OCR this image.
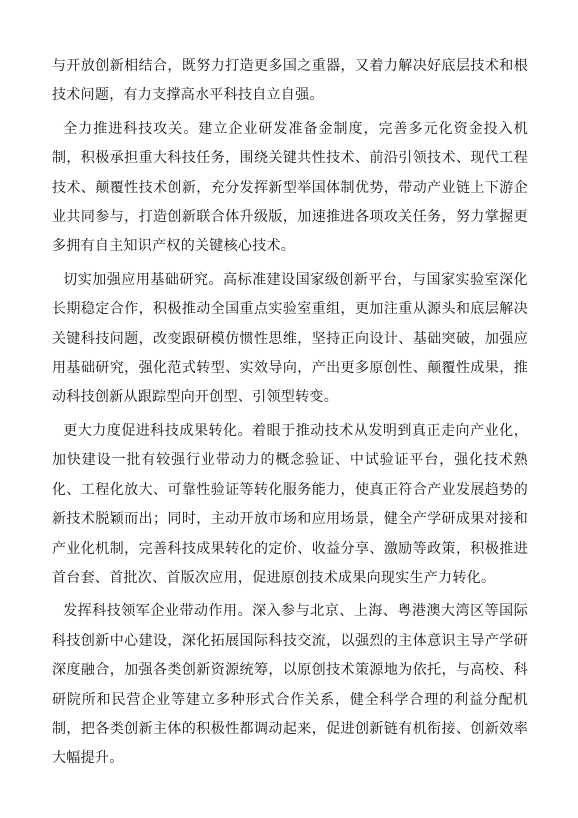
与开放创新相结合，既努力打造更多国之重器，又着力解决好底层技术和根技术问题，有力支撑高水平科技自立自强。

全力推进科技攻关。建立企业研发准备金制度，完善多元化资金投入机制，积极承担重大科技任务，围绕关键共性技术、前沿引领技术、现代工程技术、颠覆性技术创新，充分发挥新型举国体制优势，带动产业链上下游企业共同参与，打造创新联合体升级版，加速推进各项攻关任务，努力掌握更多拥有自主知识产权的关键核心技术。

切实加强应用基础研究。高标准建设国家级创新平台，与国家实验室深化长期稳定合作，积极推动全国重点实验室重组，更加注重从源头和底层解决关键科技问题，改变跟研模仿惯性思维，坚持正向设计、基础突破，加强应用基础研究，强化范式转型、实效导向，产出更多原创性、颠覆性成果，推动科技创新从跟踪型向开创型、引领型转变。

更大力度促进科技成果转化。着眼于推动技术从发明到真正走向产业化，加快建设一批有较强行业带动力的概念验证、中试验证平台，强化技术熟化、工程化放大、可靠性验证等转化服务能力，使真正符合产业发展趋势的新技术脱颖而出；同时，主动开放市场和应用场景，健全产学研成果对接和产业化机制，完善科技成果转化的定价、收益分享、激励等政策，积极推进首台套、首批次、首版次应用，促进原创技术成果向现实生产力转化。

发挥科技领军企业带动作用。深入参与北京、上海、粤港澳大湾区等国际科技创新中心建设，深化拓展国际科技交流，以强烈的主体意识主导产学研深度融合，加强各类创新资源统筹，以原创技术策源地为依托，与高校、科研院所和民营企业等建立多种形式合作关系，健全科学合理的利益分配机制，把各类创新主体的积极性都调动起来，促进创新链有机衔接、创新效率大幅提升。
